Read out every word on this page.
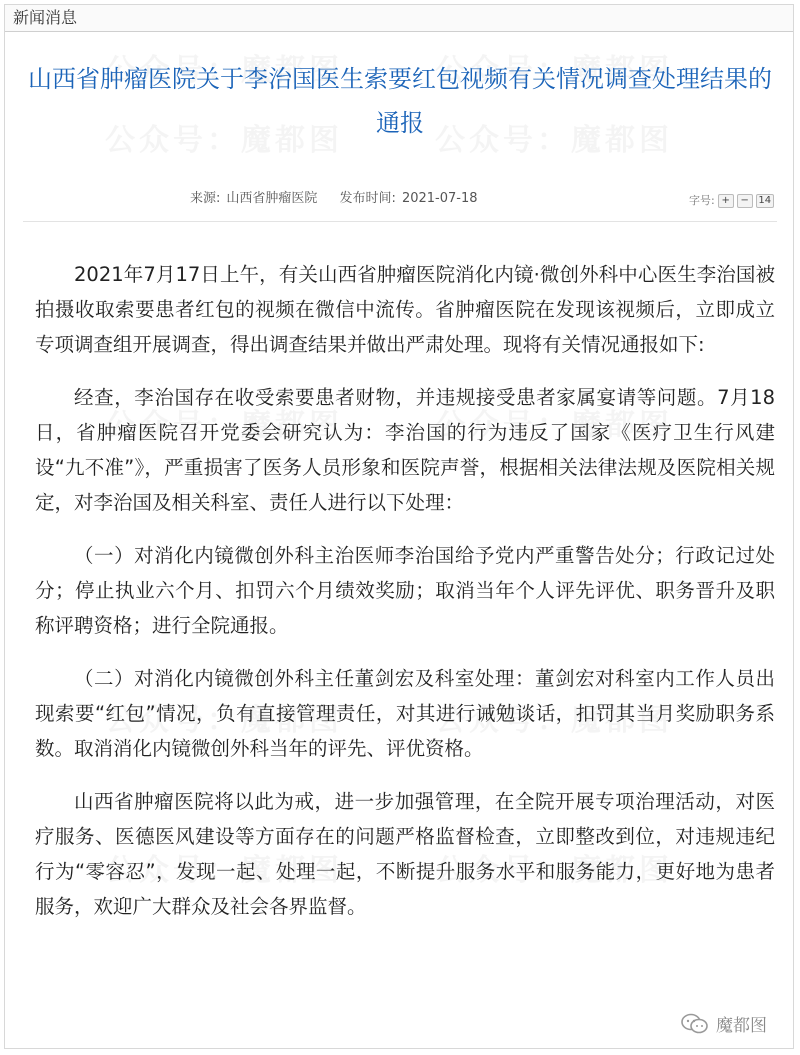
新闻消息
山西省肿瘤医院关于李治国医生索要红包视频有关情况调查处理结果的通报
来源: 山西省肿瘤医院 发布时间: 2021-07-18	字号: +	− 14

2021年7月17日上午，有关山西省肿瘤医院消化内镜·微创外科中心医生李治国被拍摄收取索要患者红包的视频在微信中流传。省肿瘤医院在发现该视频后，立即成立专项调查组开展调查，得出调查结果并做出严肃处理。现将有关情况通报如下:

经查，李治国存在收受索要患者财物，并违规接受患者家属宴请等问题。7月18日，省肿瘤医院召开党委会研究认为：李治国的行为违反了国家《医疗卫生行风建设“九不准”》，严重损害了医务人员形象和医院声誉，根据相关法律法规及医院相关规定，对李治国及相关科室、责任人进行以下处理：

（一）对消化内镜微创外科主治医师李治国给予党内严重警告处分；行政记过处分；停止执业六个月、扣罚六个月绩效奖励；取消当年个人评先评优、职务晋升及职称评聘资格；进行全院通报。

（二）对消化内镜微创外科主任董剑宏及科室处理：董剑宏对科室内工作人员出现索要“红包”情况，负有直接管理责任，对其进行诫勉谈话，扣罚其当月奖励职务系数。取消消化内镜微创外科当年的评先、评优资格。

山西省肿瘤医院将以此为戒，进一步加强管理，在全院开展专项治理活动，对医疗服务、医德医风建设等方面存在的问题严格监督检查，立即整改到位，对违规违纪行为“零容忍”，发现一起、处理一起，不断提升服务水平和服务能力，更好地为患者服务，欢迎广大群众及社会各界监督。

魔都图
